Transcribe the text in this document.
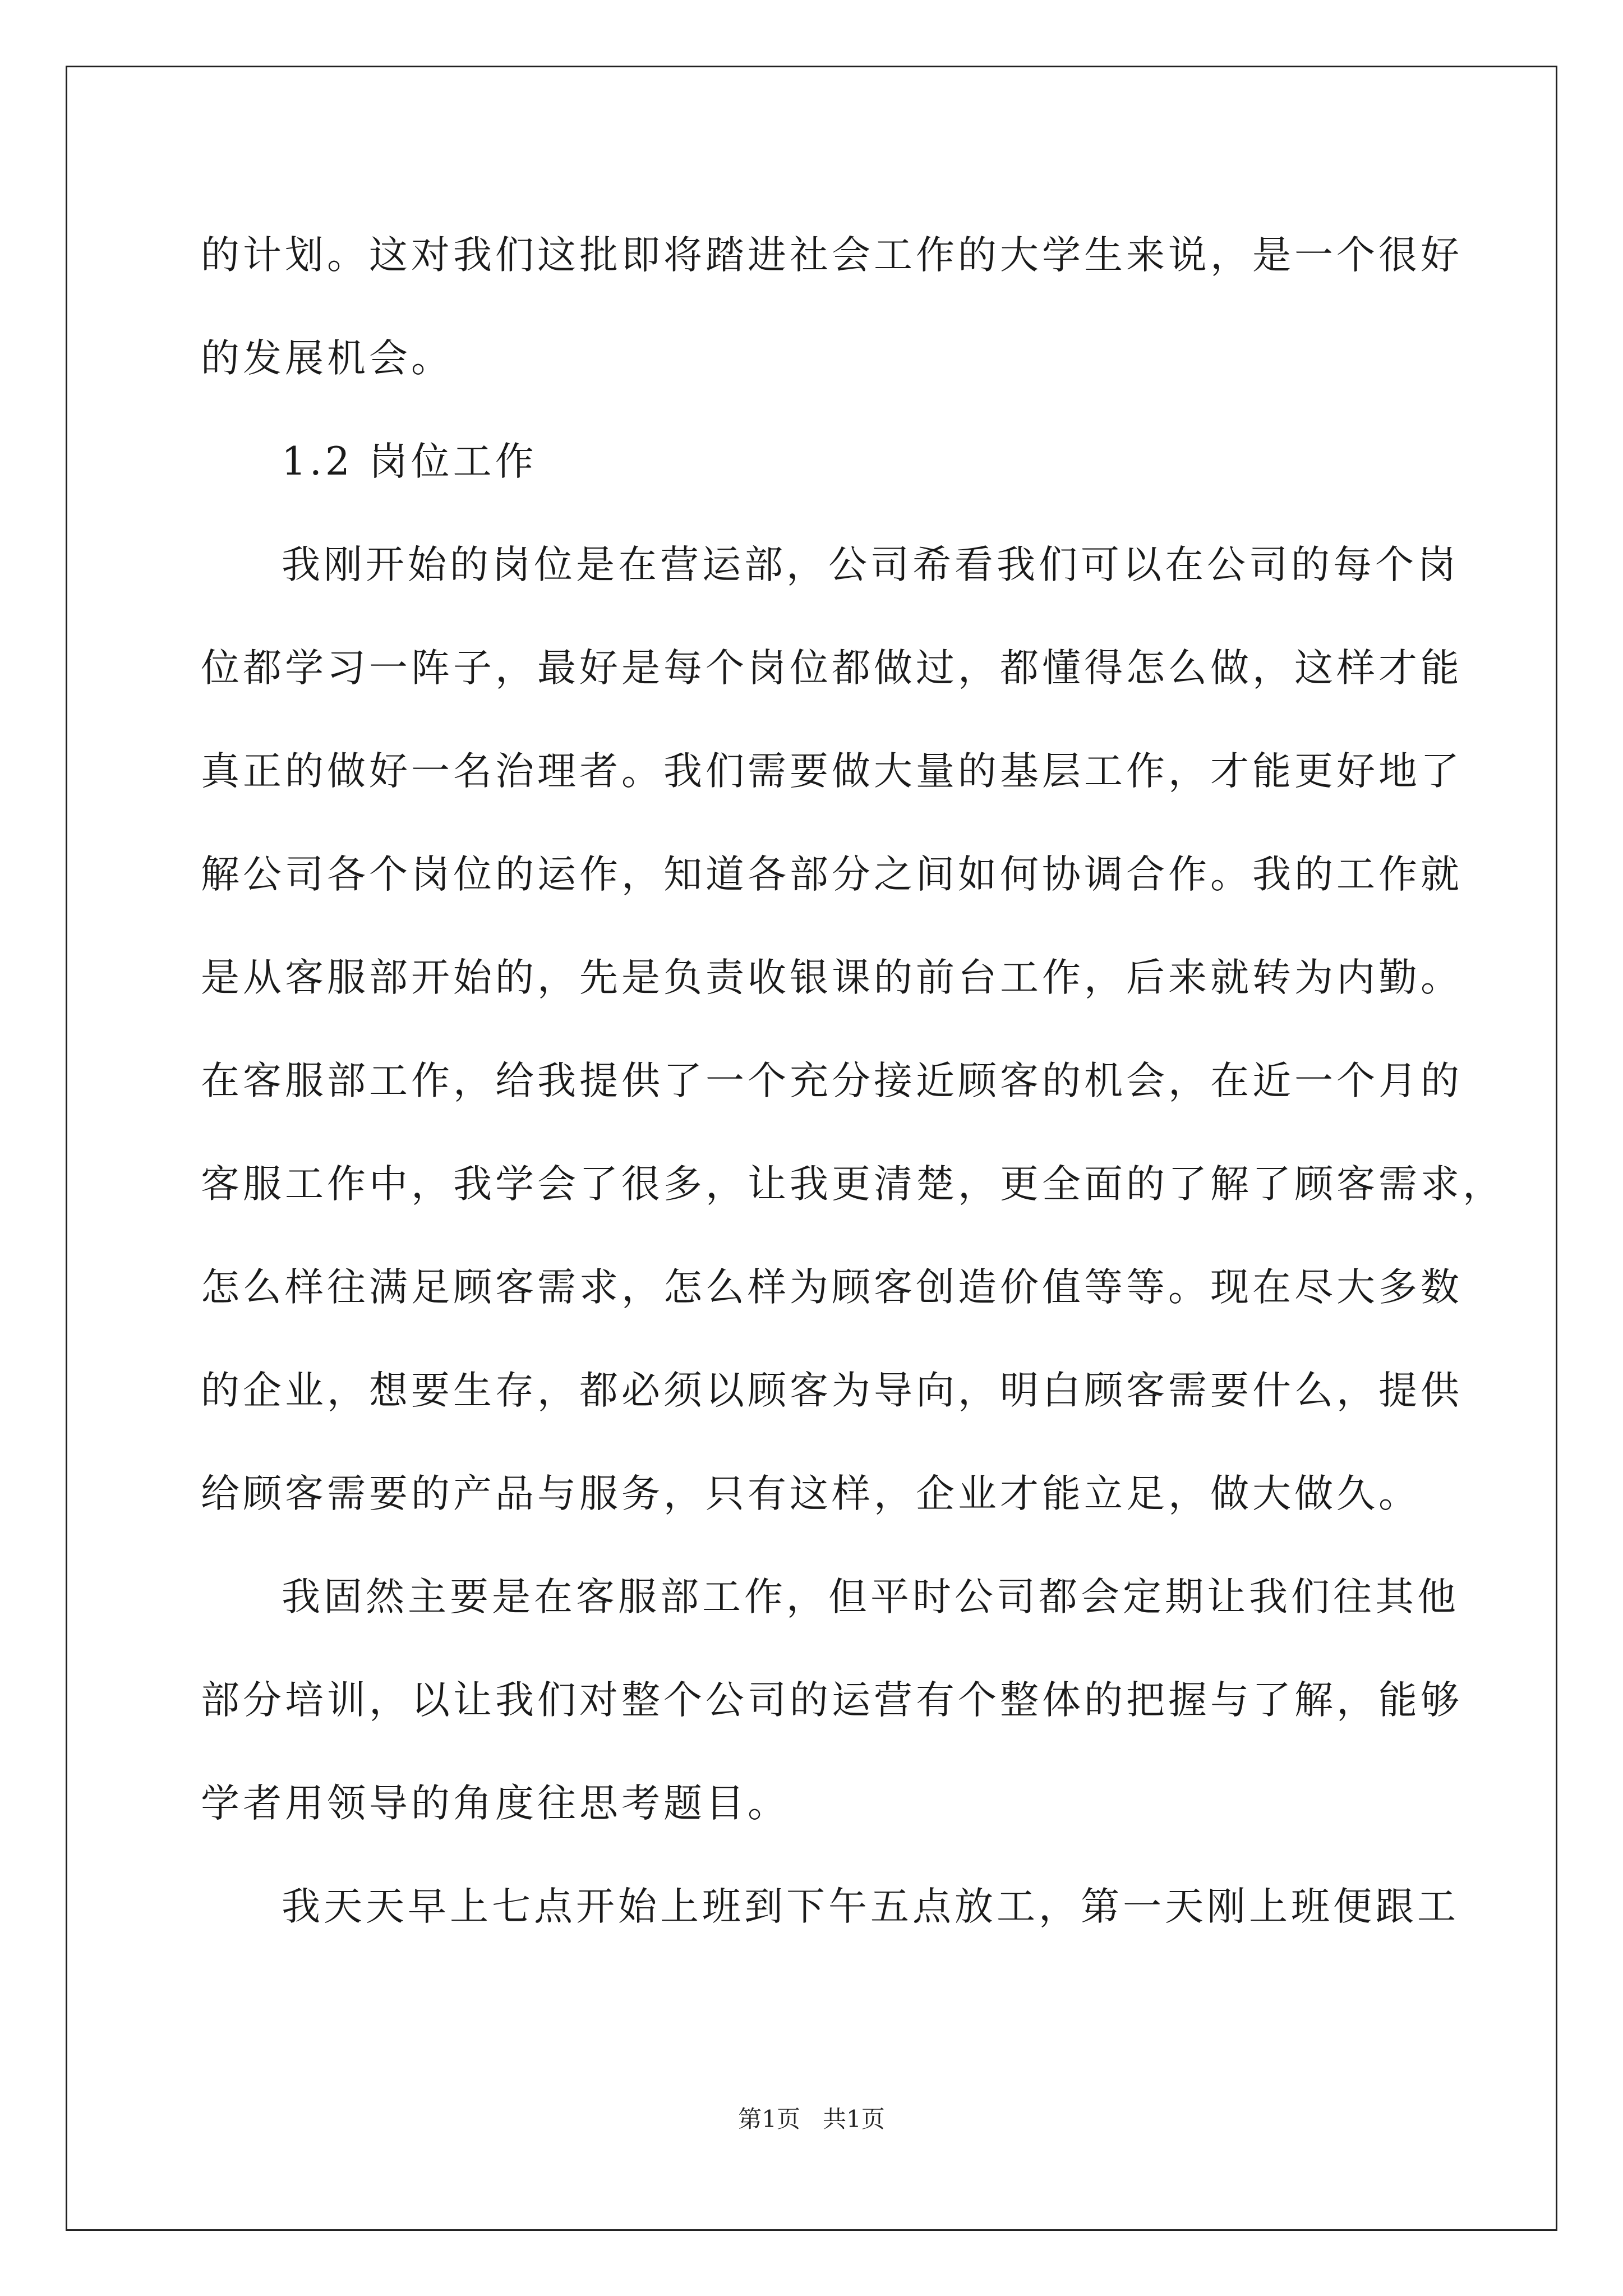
的计划。这对我们这批即将踏进社会工作的大学生来说，是一个很好
的发展机会。
1.2 岗位工作
我刚开始的岗位是在营运部，公司希看我们可以在公司的每个岗
位都学习一阵子，最好是每个岗位都做过，都懂得怎么做，这样才能
真正的做好一名治理者。我们需要做大量的基层工作，才能更好地了
解公司各个岗位的运作，知道各部分之间如何协调合作。我的工作就
是从客服部开始的，先是负责收银课的前台工作，后来就转为内勤。
在客服部工作，给我提供了一个充分接近顾客的机会，在近一个月的
客服工作中，我学会了很多，让我更清楚，更全面的了解了顾客需求，
怎么样往满足顾客需求，怎么样为顾客创造价值等等。现在尽大多数
的企业，想要生存，都必须以顾客为导向，明白顾客需要什么，提供
给顾客需要的产品与服务，只有这样，企业才能立足，做大做久。
我固然主要是在客服部工作，但平时公司都会定期让我们往其他
部分培训，以让我们对整个公司的运营有个整体的把握与了解，能够
学者用领导的角度往思考题目。
我天天早上七点开始上班到下午五点放工，第一天刚上班便跟工
第1页 共1页
